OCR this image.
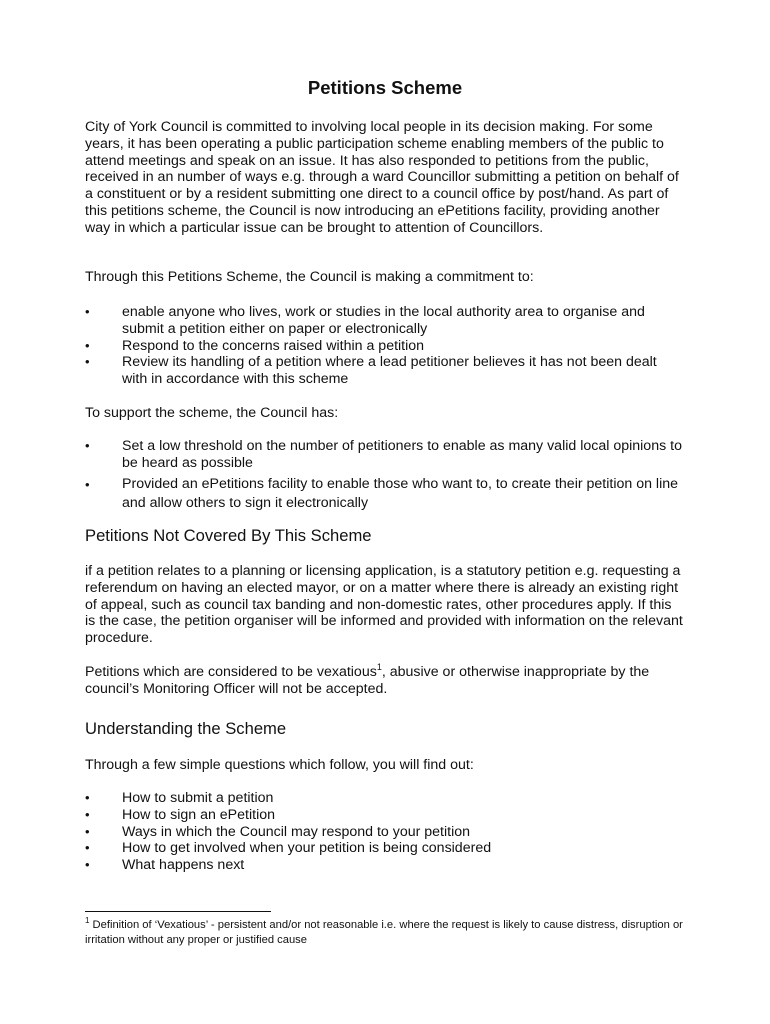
Petitions Scheme

City of York Council is committed to involving local people in its decision making. For some years, it has been operating a public participation scheme enabling members of the public to attend meetings and speak on an issue. It has also responded to petitions from the public, received in an number of ways e.g. through a ward Councillor submitting a petition on behalf of a constituent or by a resident submitting one direct to a council office by post/hand. As part of this petitions scheme, the Council is now introducing an ePetitions facility, providing another way in which a particular issue can be brought to attention of Councillors.

Through this Petitions Scheme, the Council is making a commitment to:

• enable anyone who lives, work or studies in the local authority area to organise and submit a petition either on paper or electronically
• Respond to the concerns raised within a petition
• Review its handling of a petition where a lead petitioner believes it has not been dealt with in accordance with this scheme

To support the scheme, the Council has:

• Set a low threshold on the number of petitioners to enable as many valid local opinions to be heard as possible
• Provided an ePetitions facility to enable those who want to, to create their petition on line and allow others to sign it electronically
Petitions Not Covered By This Scheme

if a petition relates to a planning or licensing application, is a statutory petition e.g. requesting a referendum on having an elected mayor, or on a matter where there is already an existing right of appeal, such as council tax banding and non-domestic rates, other procedures apply. If this is the case, the petition organiser will be informed and provided with information on the relevant procedure.

Petitions which are considered to be vexatious$^1$, abusive or otherwise inappropriate by the council’s Monitoring Officer will not be accepted.

Understanding the Scheme

Through a few simple questions which follow, you will find out:

• How to submit a petition
• How to sign an ePetition
• Ways in which the Council may respond to your petition
• How to get involved when your petition is being considered
• What happens next

$^1$ Definition of ‘Vexatious’ - persistent and/or not reasonable i.e. where the request is likely to cause distress, disruption or irritation without any proper or justified cause
